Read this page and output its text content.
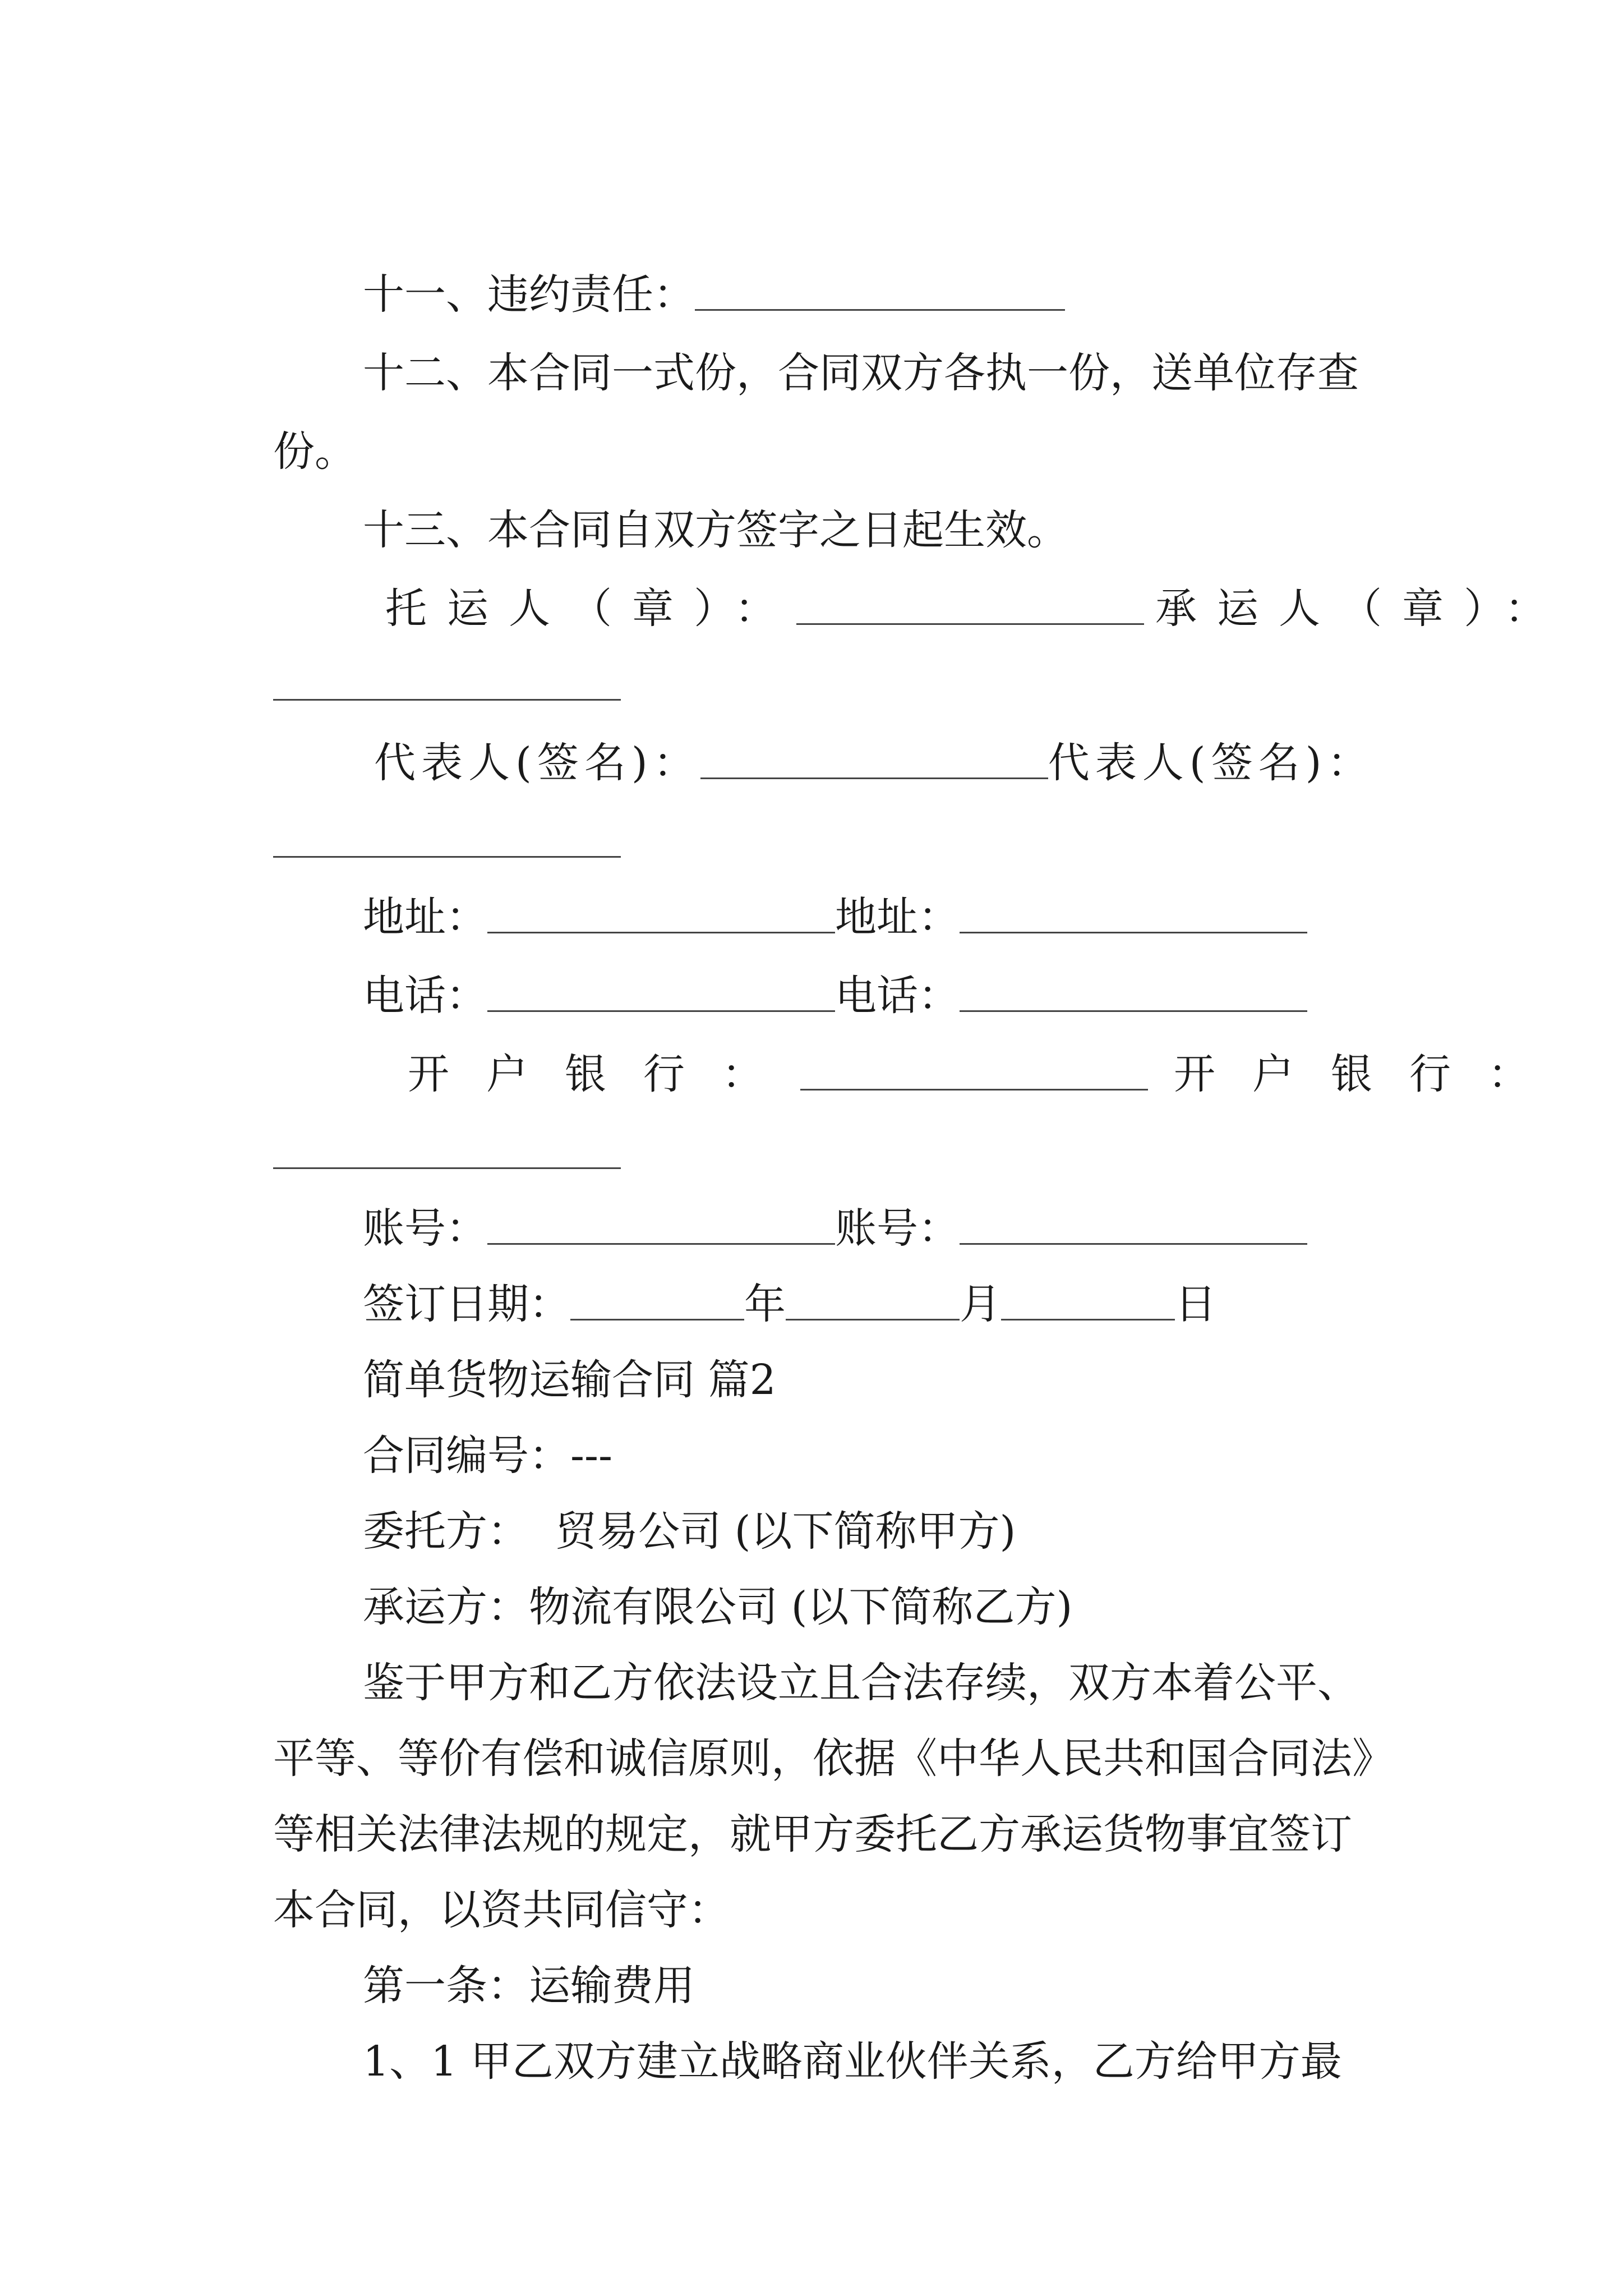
十一、违约责任：

十二、本合同一式份，合同双方各执一份，送单位存查

份。

十三、本合同自双方签字之日起生效。

托运人（章）：	承运人（章）：

代表人(签名)：	代表人(签名)：

地址：	地址：

电话：	电话：

开户银行：	开户银行：

账号：	账号：

签订日期：	年	月	日

简单货物运输合同 篇2

合同编号：---

委托方：  贸易公司 (以下简称甲方)

承运方：物流有限公司 (以下简称乙方)

鉴于甲方和乙方依法设立且合法存续，双方本着公平、

平等、等价有偿和诚信原则，依据《中华人民共和国合同法》

等相关法律法规的规定，就甲方委托乙方承运货物事宜签订

本合同，以资共同信守：

第一条：运输费用

1、1 甲乙双方建立战略商业伙伴关系，乙方给甲方最
